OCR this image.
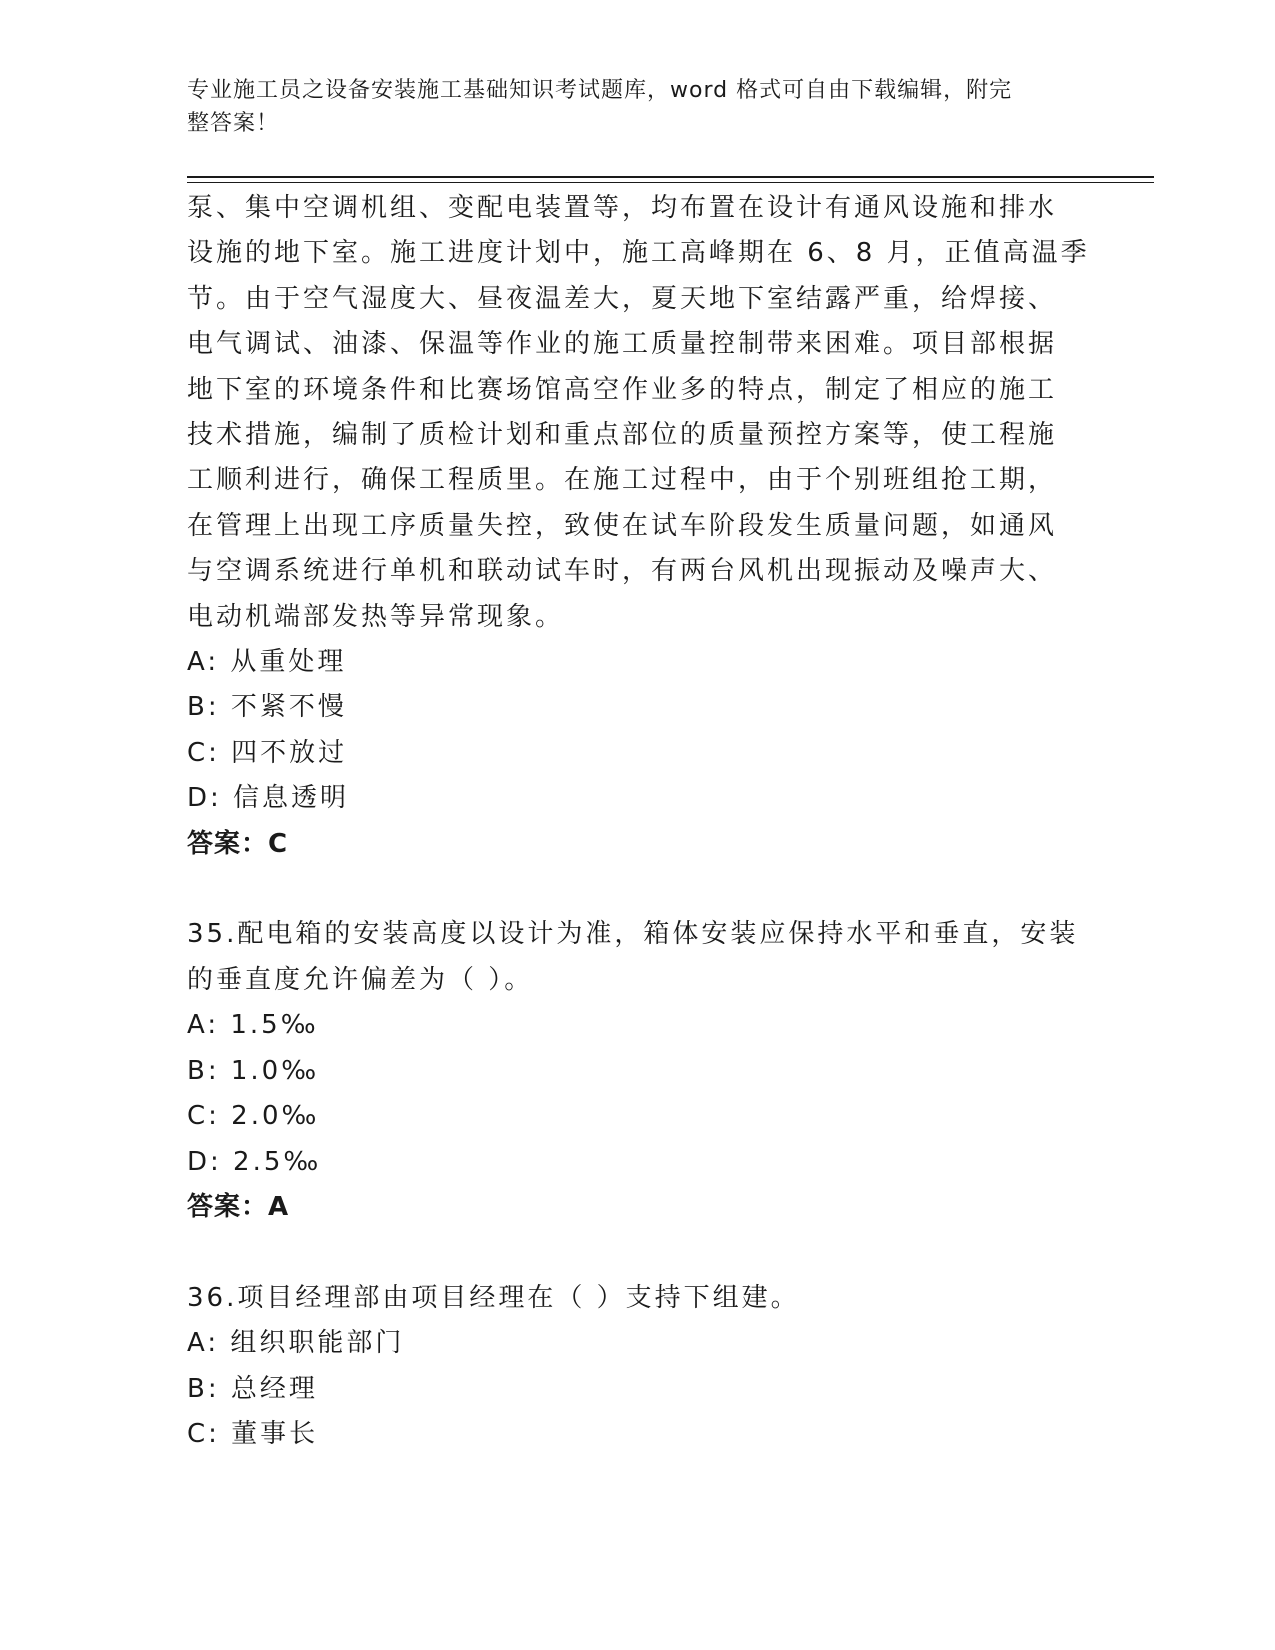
专业施工员之设备安装施工基础知识考试题库，word 格式可自由下载编辑，附完
整答案！
泵、集中空调机组、变配电装置等，均布置在设计有通风设施和排水
设施的地下室。施工进度计划中，施工高峰期在 6、8 月，正值高温季
节。由于空气湿度大、昼夜温差大，夏天地下室结露严重，给焊接、
电气调试、油漆、保温等作业的施工质量控制带来困难。项目部根据
地下室的环境条件和比赛场馆高空作业多的特点，制定了相应的施工
技术措施，编制了质检计划和重点部位的质量预控方案等，使工程施
工顺利进行，确保工程质里。在施工过程中，由于个别班组抢工期，
在管理上出现工序质量失控，致使在试车阶段发生质量问题，如通风
与空调系统进行单机和联动试车时，有两台风机出现振动及噪声大、
电动机端部发热等异常现象。
A: 从重处理
B: 不紧不慢
C: 四不放过
D: 信息透明
答案：C
35.配电箱的安装高度以设计为准，箱体安装应保持水平和垂直，安装
的垂直度允许偏差为（ ）。
A: 1.5‰
B: 1.0‰
C: 2.0‰
D: 2.5‰
答案：A
36.项目经理部由项目经理在（ ）支持下组建。
A: 组织职能部门
B: 总经理
C: 董事长
